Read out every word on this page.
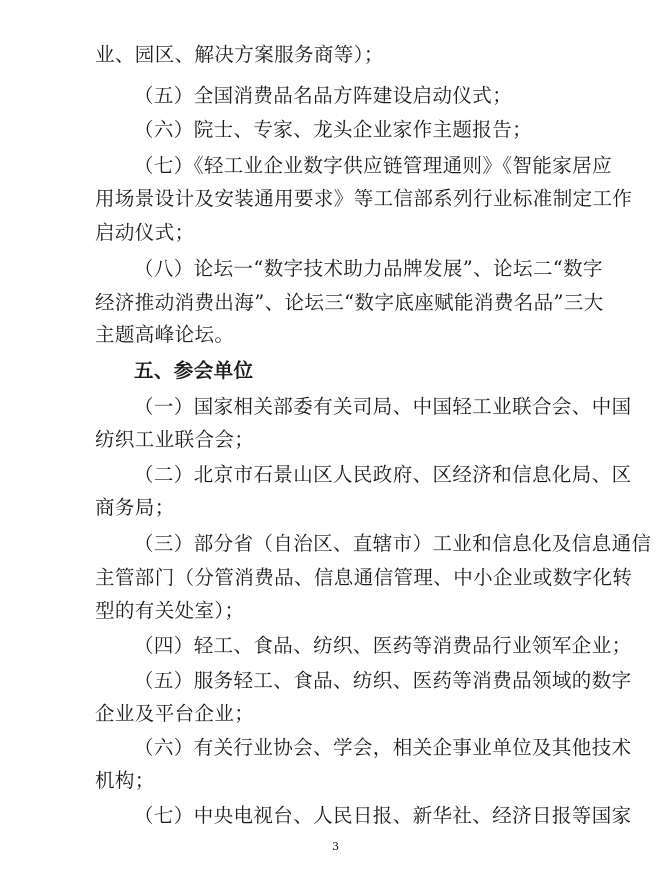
业、园区、解决方案服务商等）；
（五）全国消费品名品方阵建设启动仪式；
（六）院士、专家、龙头企业家作主题报告；
（七）《轻工业企业数字供应链管理通则》《智能家居应
用场景设计及安装通用要求》等工信部系列行业标准制定工作
启动仪式；
（八）论坛一“数字技术助力品牌发展”、论坛二“数字
经济推动消费出海”、论坛三“数字底座赋能消费名品”三大
主题高峰论坛。
五、参会单位
（一）国家相关部委有关司局、中国轻工业联合会、中国
纺织工业联合会；
（二）北京市石景山区人民政府、区经济和信息化局、区
商务局；
（三）部分省（自治区、直辖市）工业和信息化及信息通信
主管部门（分管消费品、信息通信管理、中小企业或数字化转
型的有关处室）；
（四）轻工、食品、纺织、医药等消费品行业领军企业；
（五）服务轻工、食品、纺织、医药等消费品领域的数字
企业及平台企业；
（六）有关行业协会、学会，相关企事业单位及其他技术
机构；
（七）中央电视台、人民日报、新华社、经济日报等国家
3
